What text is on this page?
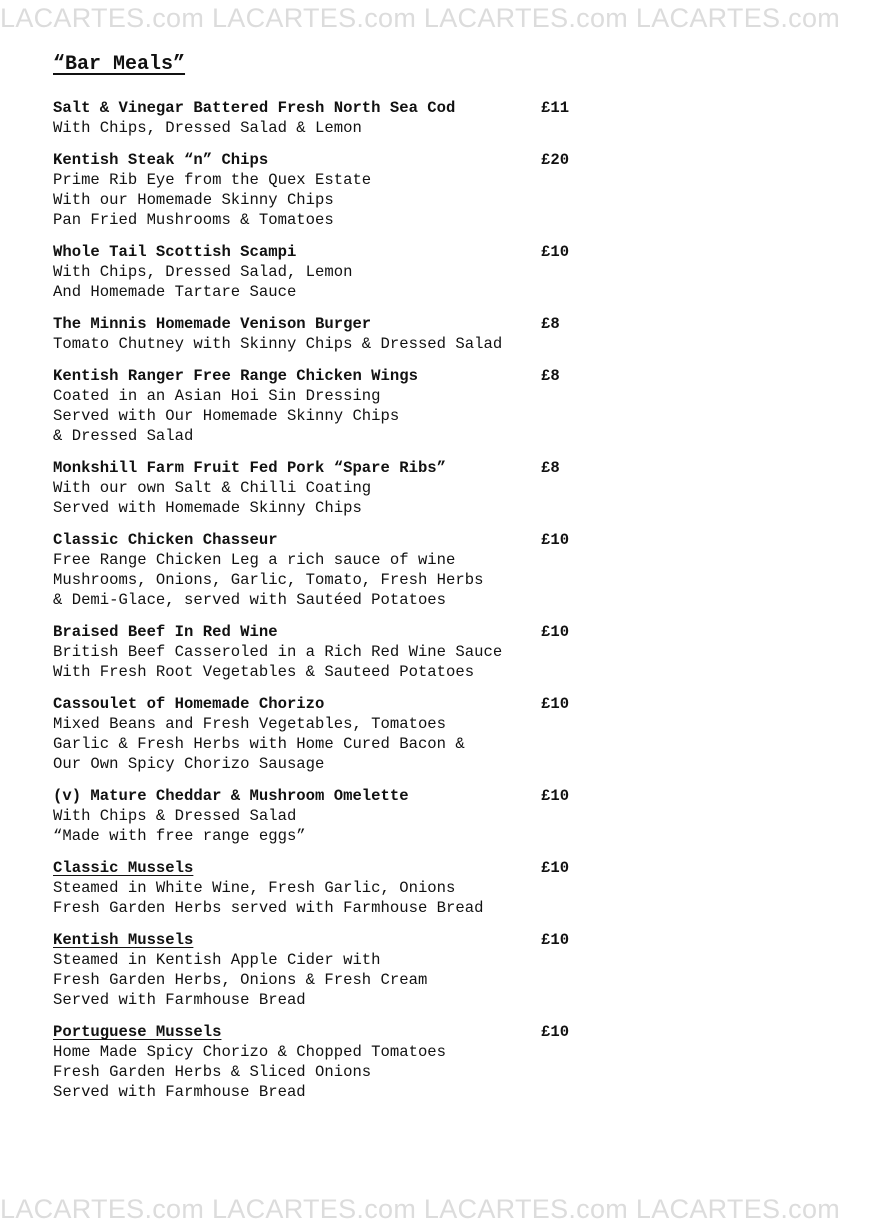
LACARTES.com LACARTES.com LACARTES.com LACARTES.com
“Bar Meals”
Salt & Vinegar Battered Fresh North Sea Cod	£11
With Chips, Dressed Salad & Lemon
Kentish Steak “n” Chips	£20
Prime Rib Eye from the Quex Estate
With our Homemade Skinny Chips
Pan Fried Mushrooms & Tomatoes
Whole Tail Scottish Scampi	£10
With Chips, Dressed Salad, Lemon
And Homemade Tartare Sauce
The Minnis Homemade Venison Burger	£8
Tomato Chutney with Skinny Chips & Dressed Salad
Kentish Ranger Free Range Chicken Wings	£8
Coated in an Asian Hoi Sin Dressing
Served with Our Homemade Skinny Chips
& Dressed Salad
Monkshill Farm Fruit Fed Pork “Spare Ribs”	£8
With our own Salt & Chilli Coating
Served with Homemade Skinny Chips
Classic Chicken Chasseur	£10
Free Range Chicken Leg a rich sauce of wine
Mushrooms, Onions, Garlic, Tomato, Fresh Herbs
& Demi-Glace, served with Sautéed Potatoes
Braised Beef In Red Wine	£10
British Beef Casseroled in a Rich Red Wine Sauce
With Fresh Root Vegetables & Sauteed Potatoes
Cassoulet of Homemade Chorizo	£10
Mixed Beans and Fresh Vegetables, Tomatoes
Garlic & Fresh Herbs with Home Cured Bacon &
Our Own Spicy Chorizo Sausage
(v) Mature Cheddar & Mushroom Omelette	£10
With Chips & Dressed Salad
“Made with free range eggs”
Classic Mussels	£10
Steamed in White Wine, Fresh Garlic, Onions
Fresh Garden Herbs served with Farmhouse Bread
Kentish Mussels	£10
Steamed in Kentish Apple Cider with
Fresh Garden Herbs, Onions & Fresh Cream
Served with Farmhouse Bread
Portuguese Mussels	£10
Home Made Spicy Chorizo & Chopped Tomatoes
Fresh Garden Herbs & Sliced Onions
Served with Farmhouse Bread
LACARTES.com LACARTES.com LACARTES.com LACARTES.com
